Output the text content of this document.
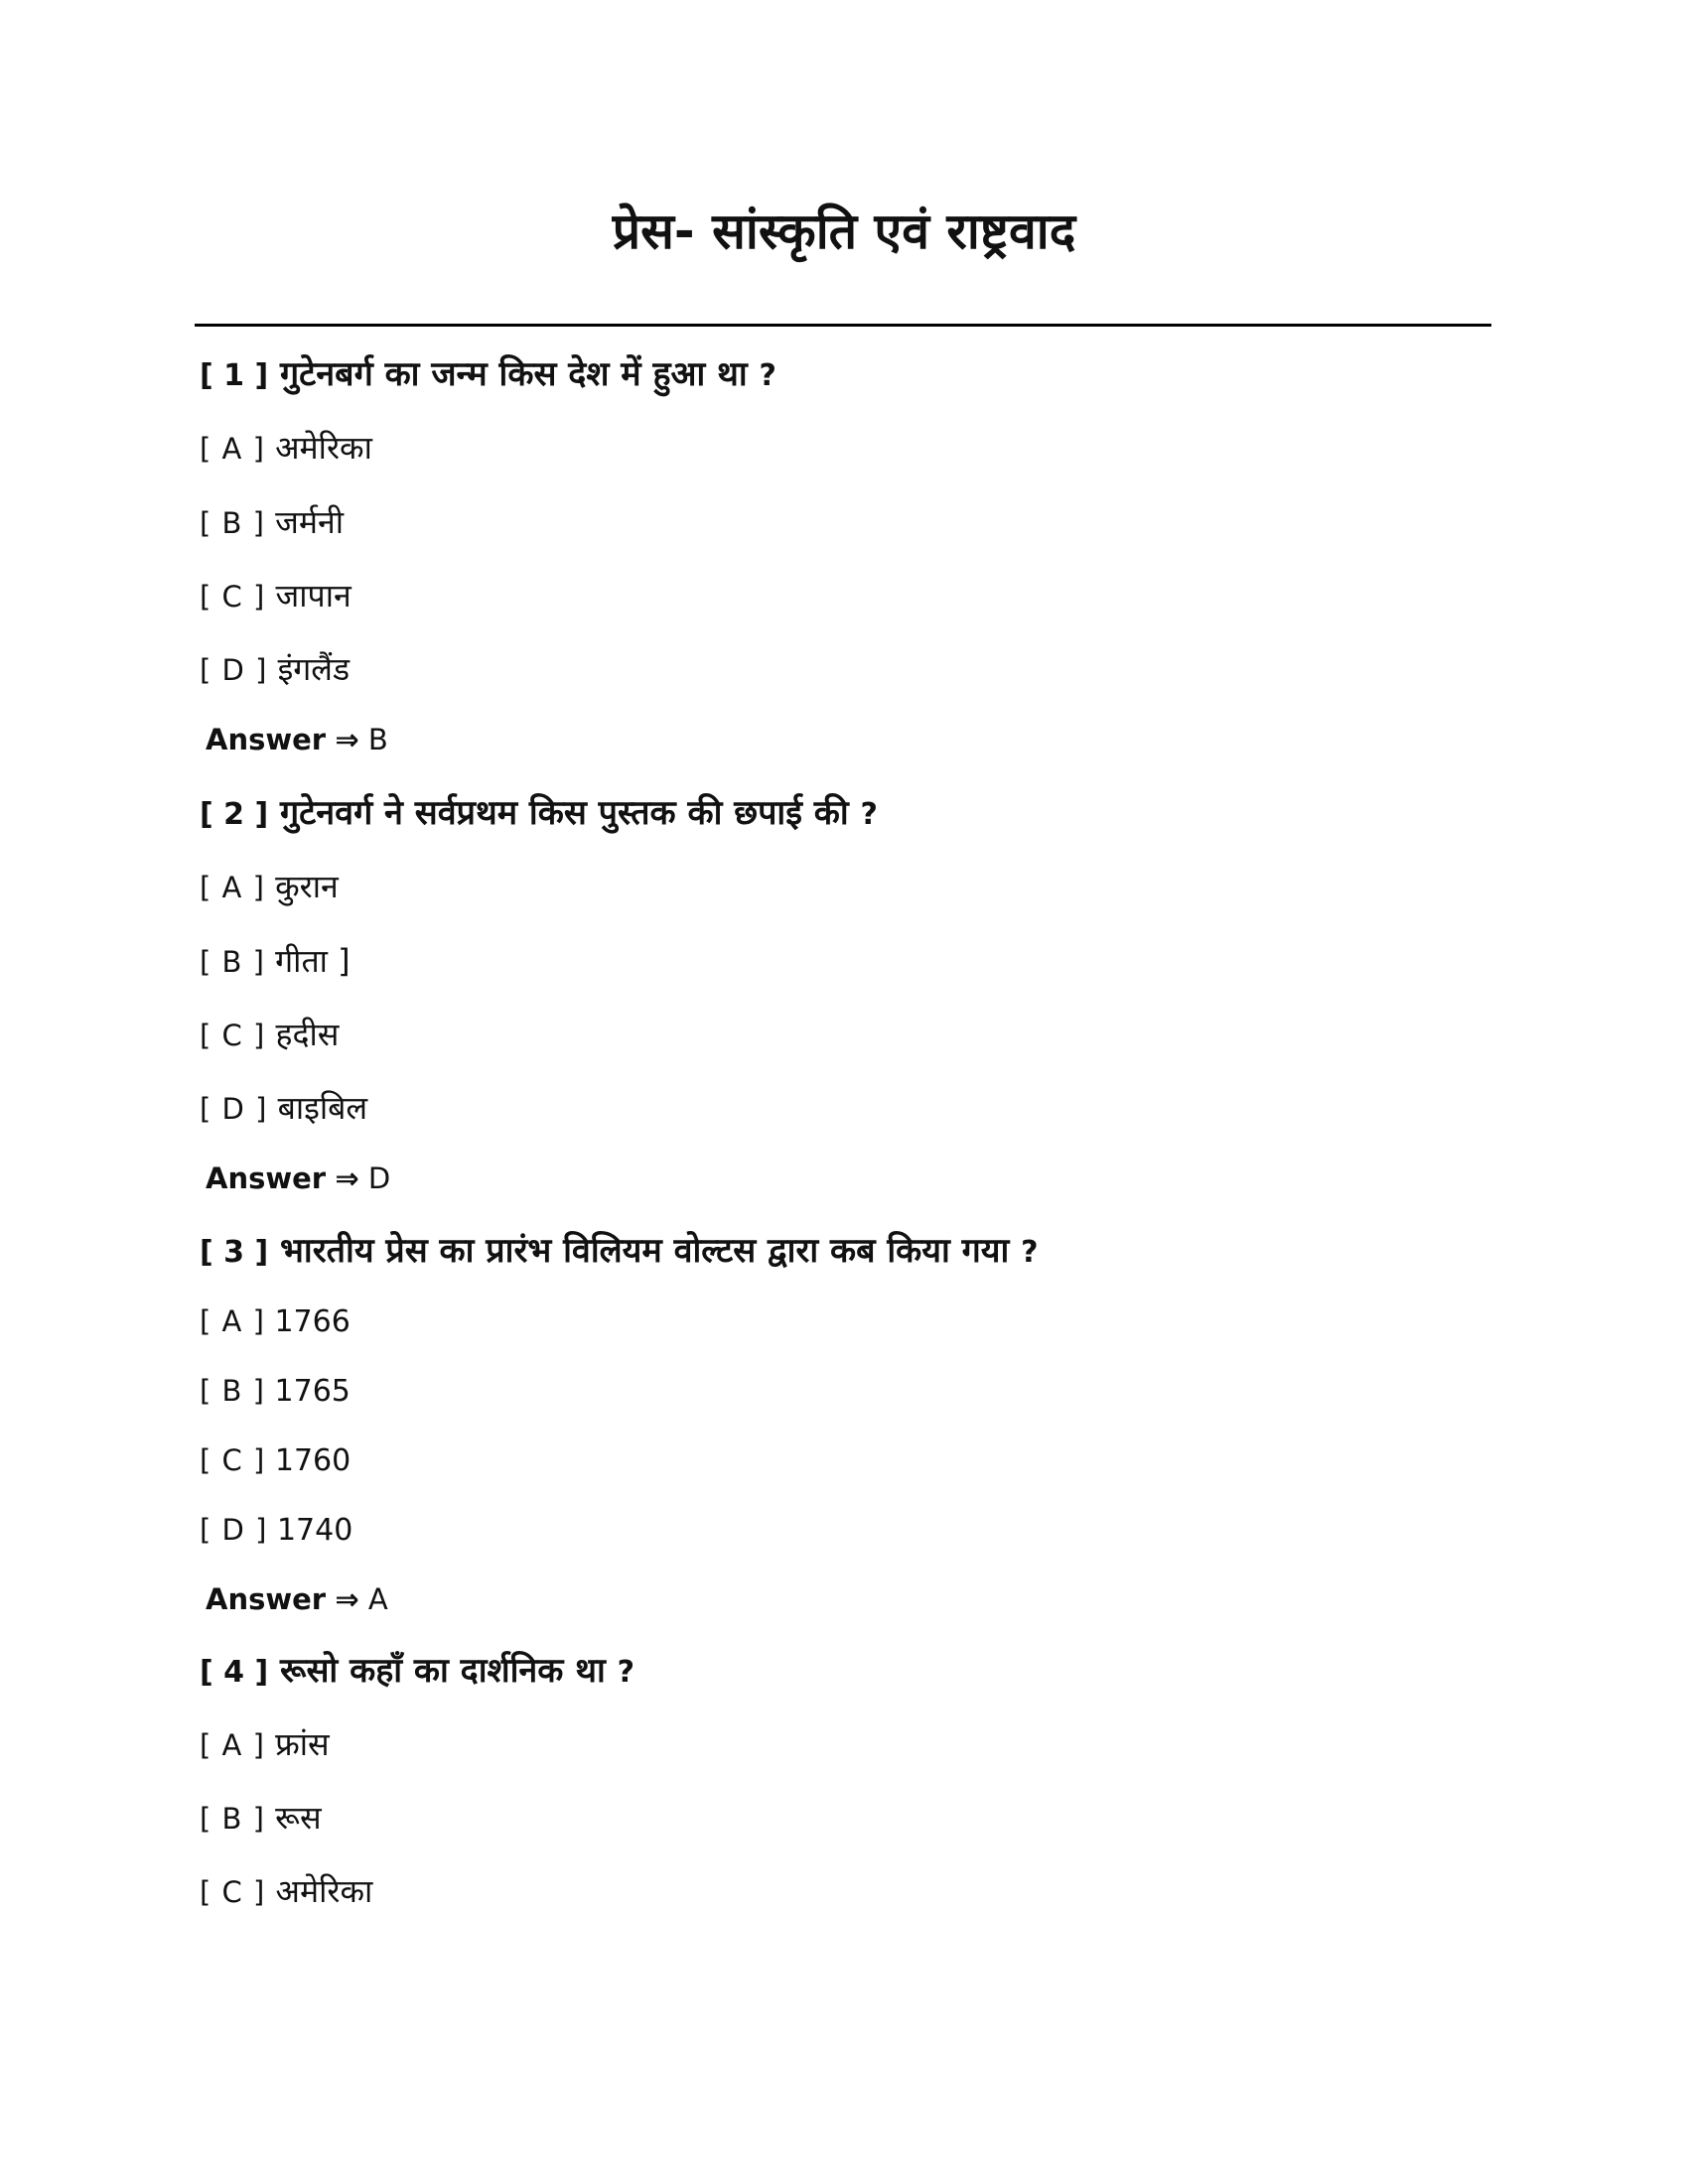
प्रेस- सांस्कृति एवं राष्ट्रवाद
[ 1 ] गुटेनबर्ग का जन्म किस देश में हुआ था ?
[ A ] अमेरिका
[ B ] जर्मनी
[ C ] जापान
[ D ] इंगलैंड
Answer ⇒ B
[ 2 ] गुटेनवर्ग ने सर्वप्रथम किस पुस्तक की छपाई की ?
[ A ] कुरान
[ B ] गीता ]
[ C ] हदीस
[ D ] बाइबिल
Answer ⇒ D
[ 3 ] भारतीय प्रेस का प्रारंभ विलियम वोल्टस द्वारा कब किया गया ?
[ A ] 1766
[ B ] 1765
[ C ] 1760
[ D ] 1740
Answer ⇒ A
[ 4 ] रूसो कहाँ का दार्शनिक था ?
[ A ] फ्रांस
[ B ] रूस
[ C ] अमेरिका
